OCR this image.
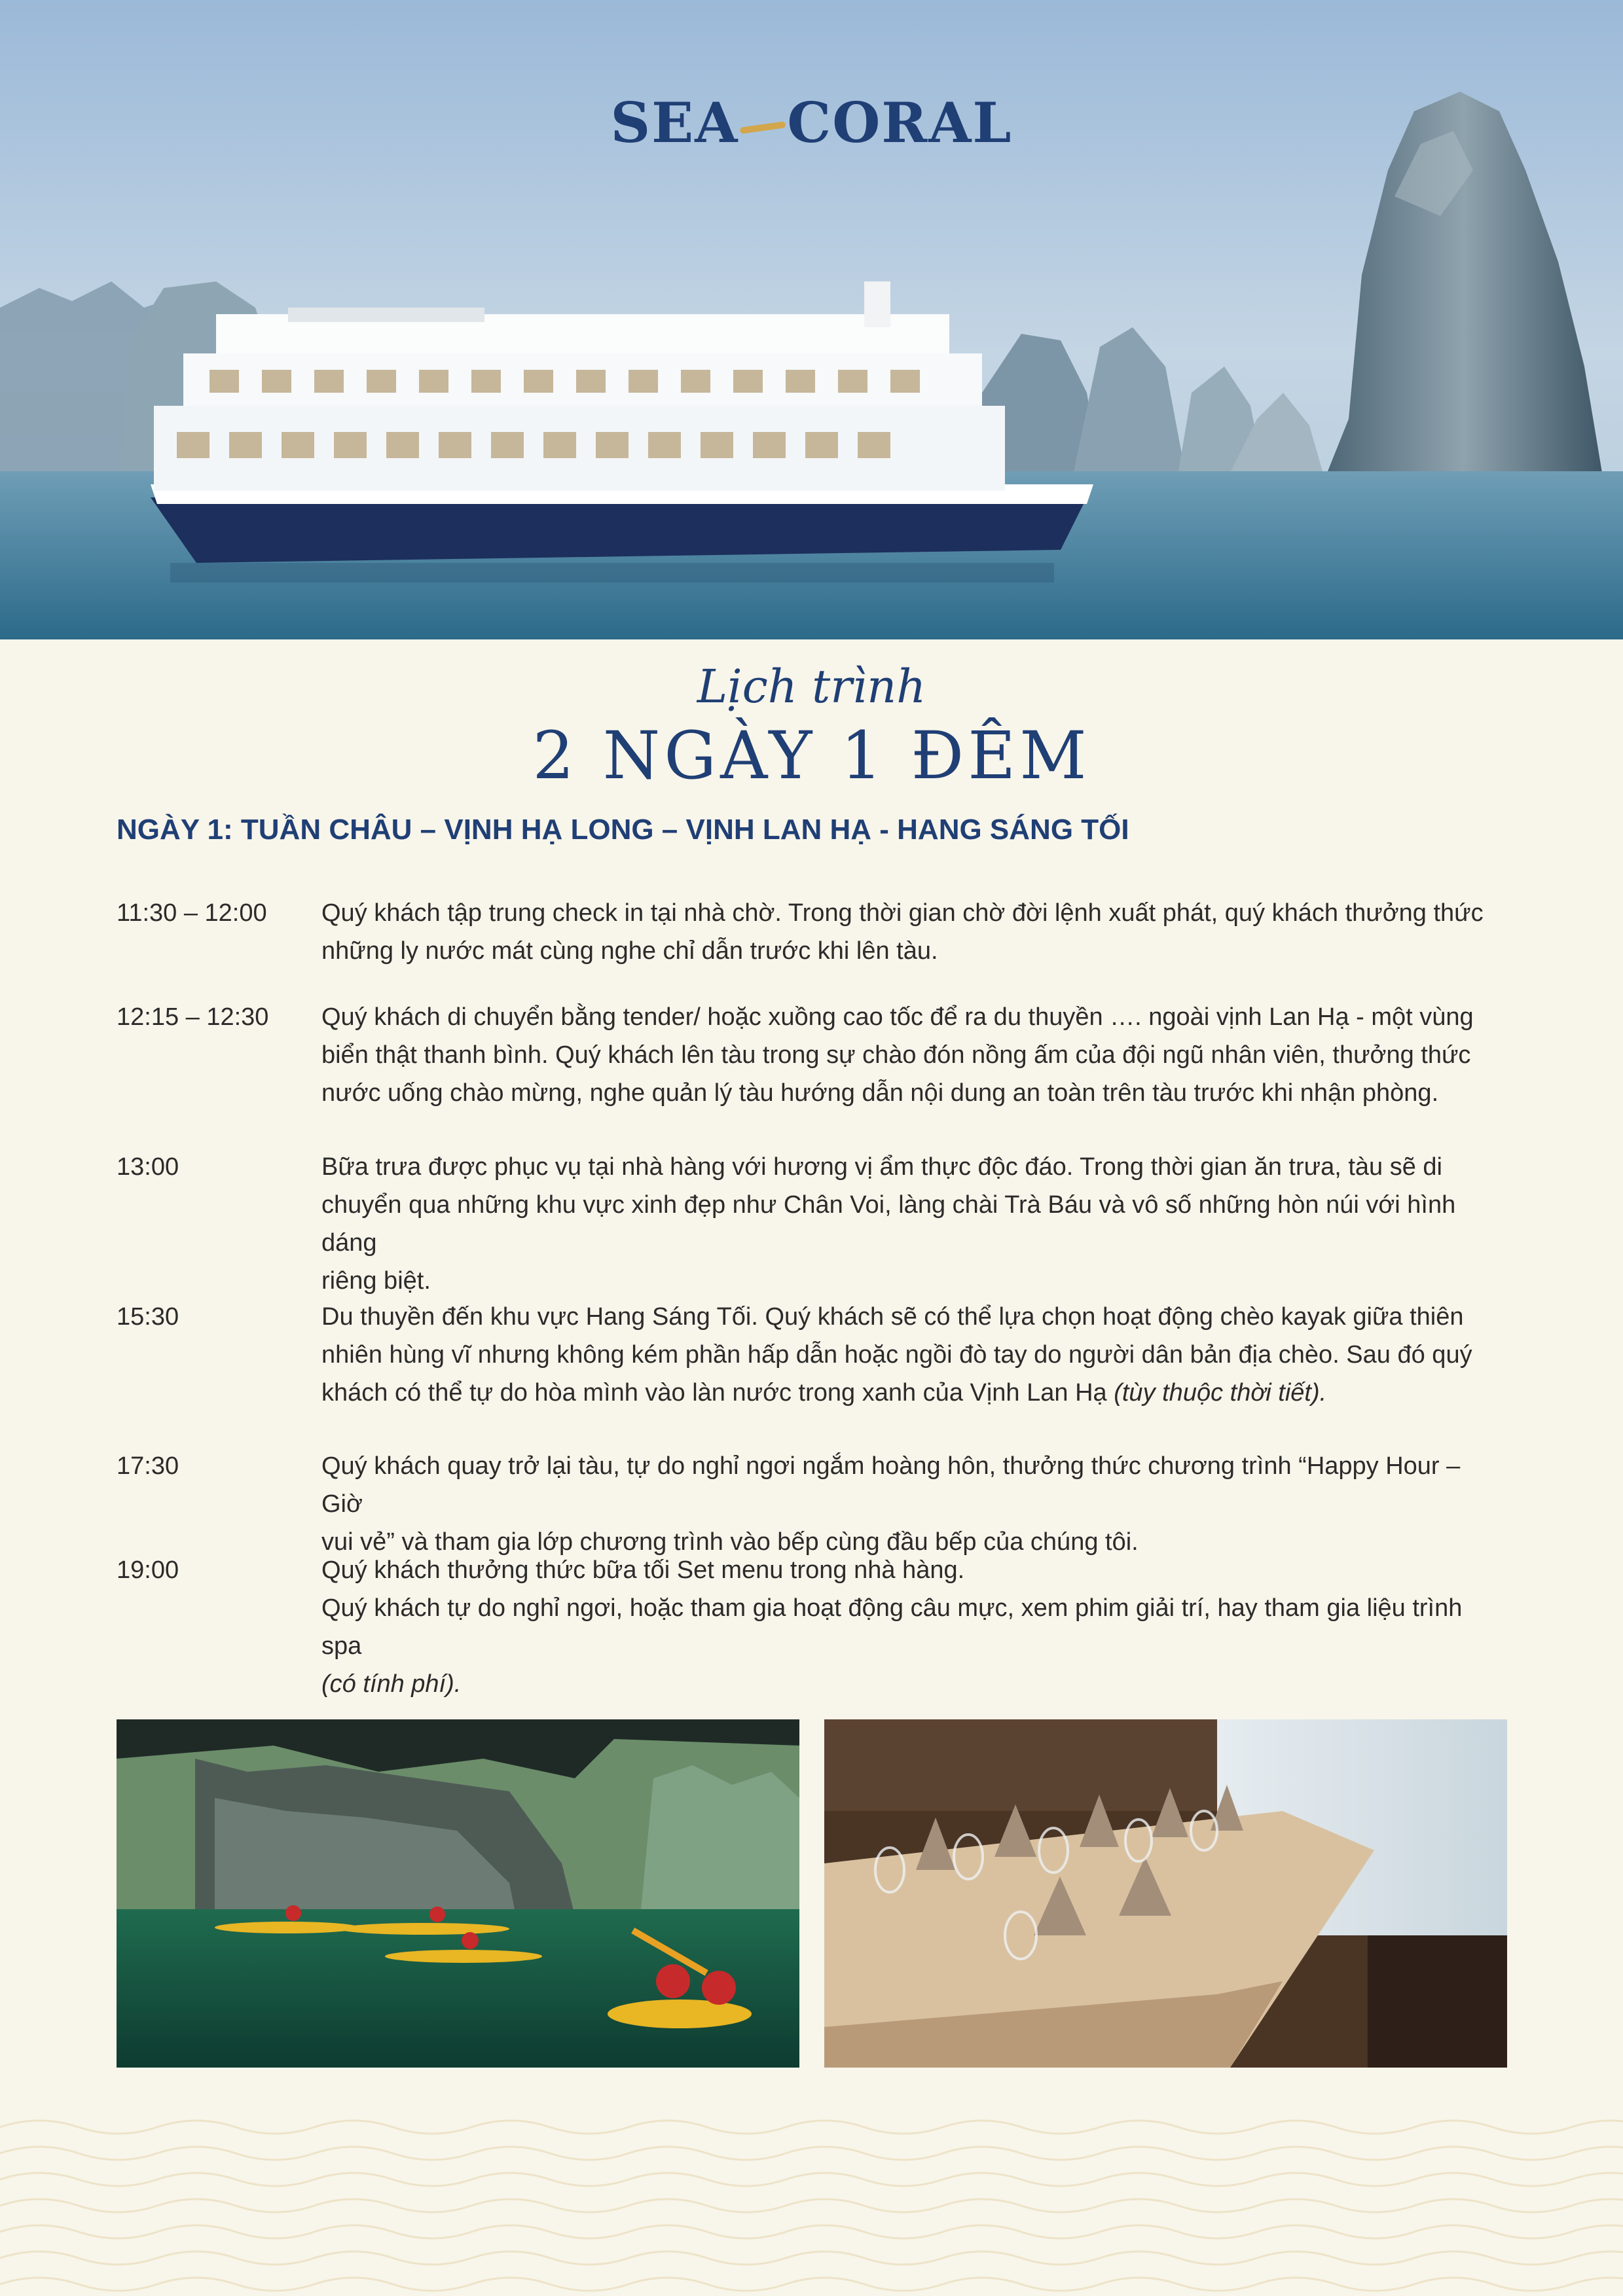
SEA CORAL
Lịch trình
2 NGÀY 1 ĐÊM
NGÀY 1: TUẦN CHÂU – VỊNH HẠ LONG – VỊNH LAN HẠ - HANG SÁNG TỐI
11:30 – 12:00	Quý khách tập trung check in tại nhà chờ. Trong thời gian chờ đời lệnh xuất phát, quý khách thưởng thức
những ly nước mát cùng nghe chỉ dẫn trước khi lên tàu.
12:15 – 12:30	Quý khách di chuyển bằng tender/ hoặc xuồng cao tốc để ra du thuyền …. ngoài vịnh Lan Hạ - một vùng
biển thật thanh bình. Quý khách lên tàu trong sự chào đón nồng ấm của đội ngũ nhân viên, thưởng thức
nước uống chào mừng, nghe quản lý tàu hướng dẫn nội dung an toàn trên tàu trước khi nhận phòng.
13:00	Bữa trưa được phục vụ tại nhà hàng với hương vị ẩm thực độc đáo. Trong thời gian ăn trưa, tàu sẽ di
chuyển qua những khu vực xinh đẹp như Chân Voi, làng chài Trà Báu và vô số những hòn núi với hình dáng
riêng biệt.
15:30	Du thuyền đến khu vực Hang Sáng Tối. Quý khách sẽ có thể lựa chọn hoạt động chèo kayak giữa thiên
nhiên hùng vĩ nhưng không kém phần hấp dẫn hoặc ngồi đò tay do người dân bản địa chèo. Sau đó quý
khách có thể tự do hòa mình vào làn nước trong xanh của Vịnh Lan Hạ (tùy thuộc thời tiết).
17:30	Quý khách quay trở lại tàu, tự do nghỉ ngơi ngắm hoàng hôn, thưởng thức chương trình “Happy Hour – Giờ
vui vẻ” và tham gia lớp chương trình vào bếp cùng đầu bếp của chúng tôi.
19:00	Quý khách thưởng thức bữa tối Set menu trong nhà hàng.
Quý khách tự do nghỉ ngơi, hoặc tham gia hoạt động câu mực, xem phim giải trí, hay tham gia liệu trình spa
(có tính phí).
